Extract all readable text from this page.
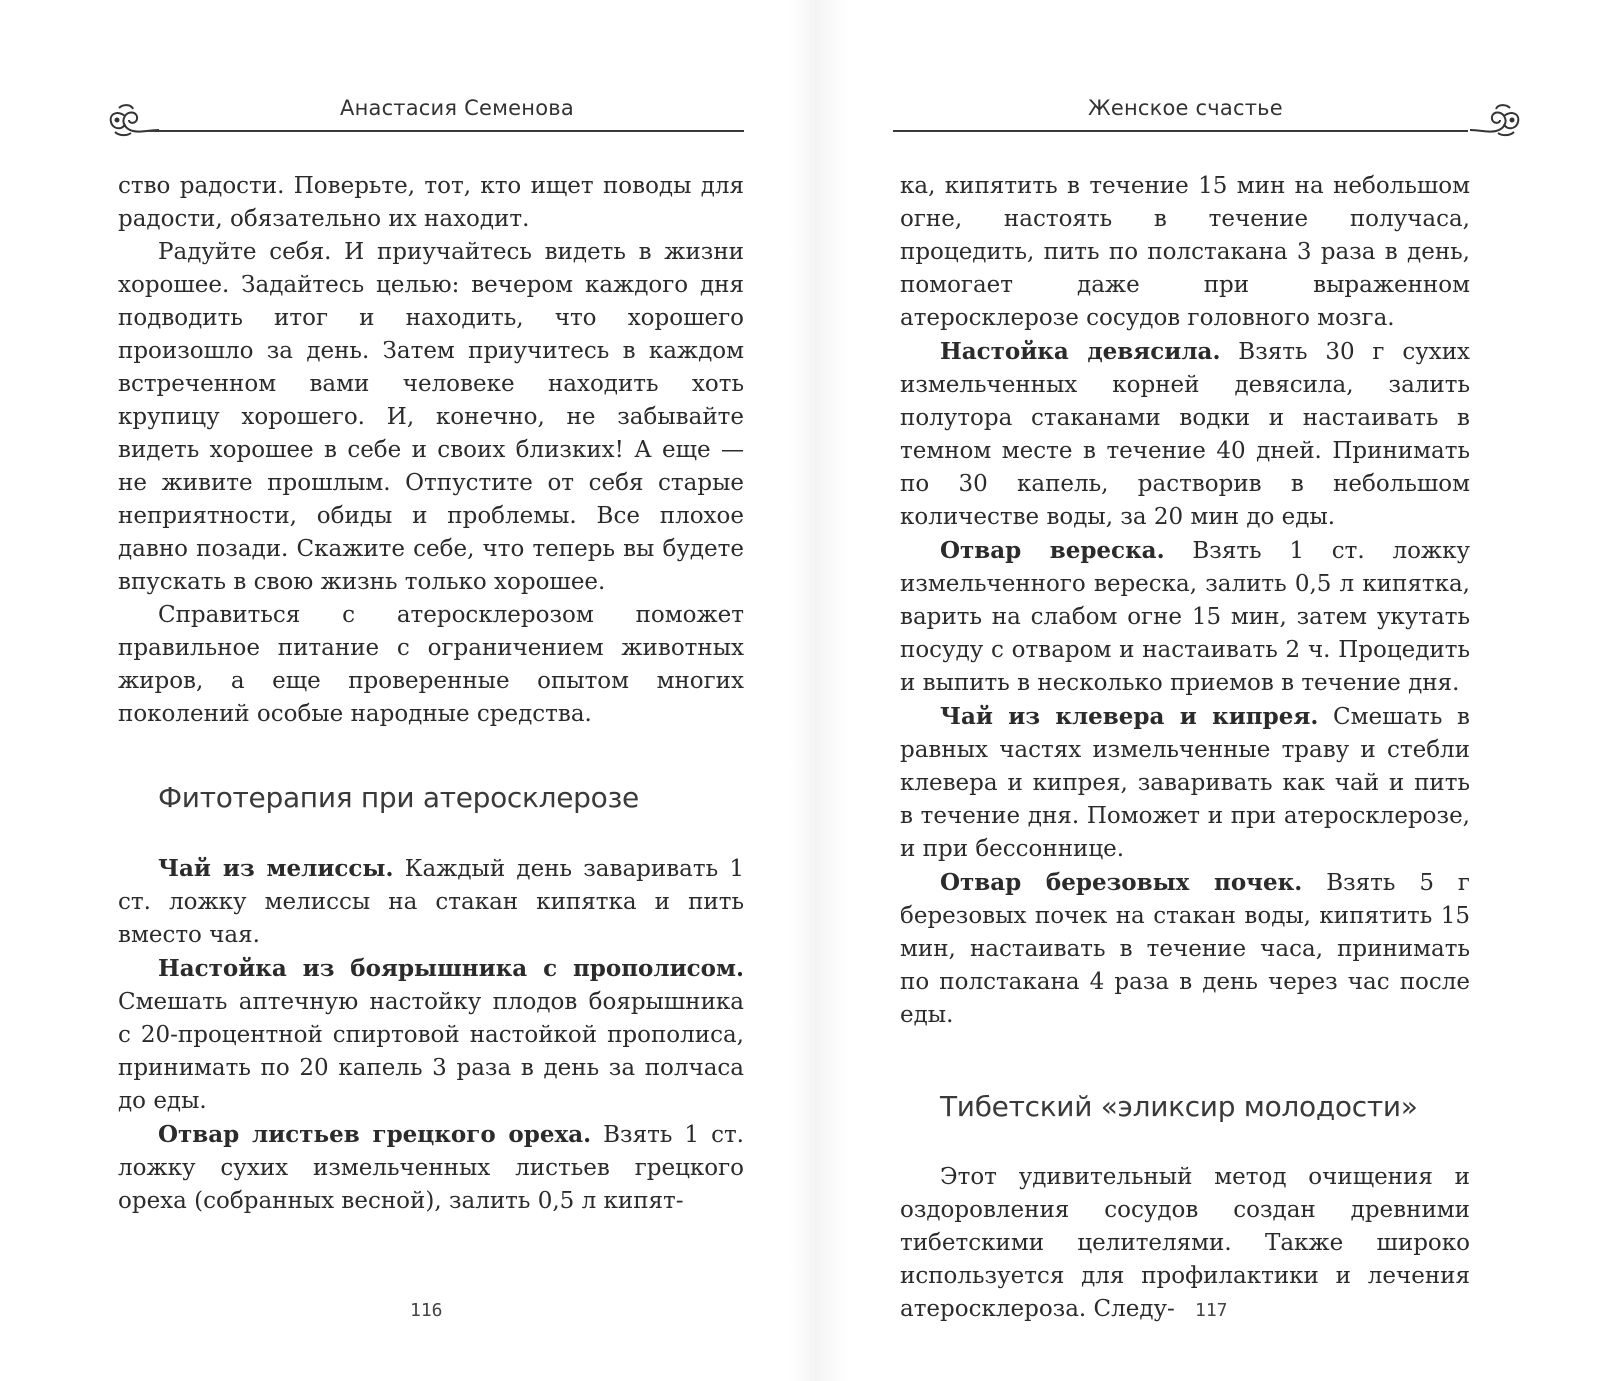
Анастасия Семенова

ство радости. Поверьте, тот, кто ищет поводы для радости, обязательно их находит.

Радуйте себя. И приучайтесь видеть в жизни хорошее. Задайтесь целью: вечером каждого дня подводить итог и находить, что хорошего произошло за день. Затем приучитесь в каждом встреченном вами человеке находить хоть крупицу хорошего. И, конечно, не забывайте видеть хорошее в себе и своих близких! А еще — не живите прошлым. Отпустите от себя старые неприятности, обиды и проблемы. Все плохое давно позади. Скажите себе, что теперь вы будете впускать в свою жизнь только хорошее.

Справиться с атеросклерозом поможет правильное питание с ограничением животных жиров, а еще проверенные опытом многих поколений особые народные средства.

Фитотерапия при атеросклерозе

Чай из мелиссы. Каждый день заваривать 1 ст. ложку мелиссы на стакан кипятка и пить вместо чая.

Настойка из боярышника с прополисом. Смешать аптечную настойку плодов боярышника с 20-процентной спиртовой настойкой прополиса, принимать по 20 капель 3 раза в день за полчаса до еды.

Отвар листьев грецкого ореха. Взять 1 ст. ложку сухих измельченных листьев грецкого ореха (собранных весной), залить 0,5 л кипят-

116
Женское счастье

ка, кипятить в течение 15 мин на небольшом огне, настоять в течение получаса, процедить, пить по полстакана 3 раза в день, помогает даже при выраженном атеросклерозе сосудов головного мозга.

Настойка девясила. Взять 30 г сухих измельченных корней девясила, залить полутора стаканами водки и настаивать в темном месте в течение 40 дней. Принимать по 30 капель, растворив в небольшом количестве воды, за 20 мин до еды.

Отвар вереска. Взять 1 ст. ложку измельченного вереска, залить 0,5 л кипятка, варить на слабом огне 15 мин, затем укутать посуду с отваром и настаивать 2 ч. Процедить и выпить в несколько приемов в течение дня.

Чай из клевера и кипрея. Смешать в равных частях измельченные траву и стебли клевера и кипрея, заваривать как чай и пить в течение дня. Поможет и при атеросклерозе, и при бессоннице.

Отвар березовых почек. Взять 5 г березовых почек на стакан воды, кипятить 15 мин, настаивать в течение часа, принимать по полстакана 4 раза в день через час после еды.

Тибетский «эликсир молодости»

Этот удивительный метод очищения и оздоровления сосудов создан древними тибетскими целителями. Также широко используется для профилактики и лечения атеросклероза. Следу-	117
